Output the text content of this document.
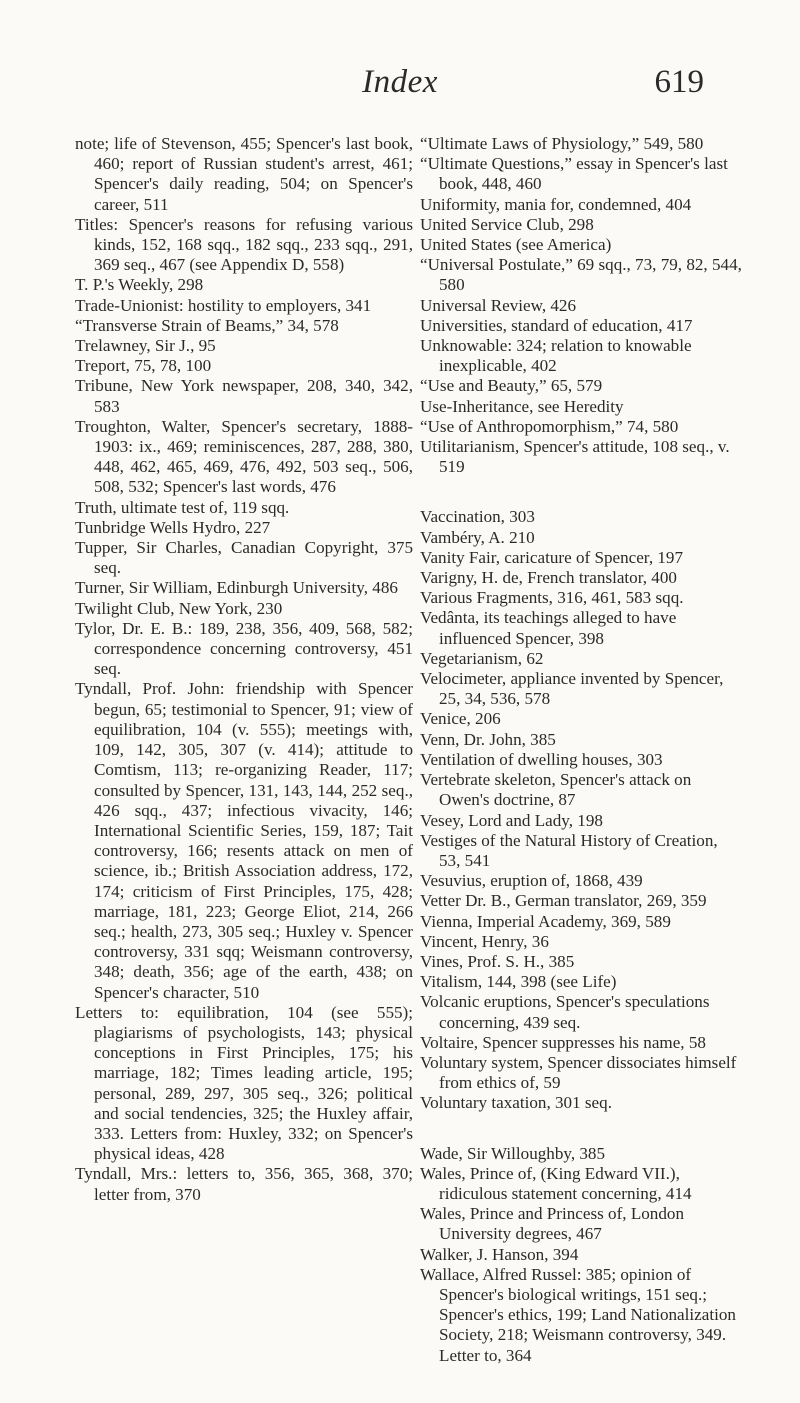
Index	619
note; life of Stevenson, 455; Spencer's last book, 460; report of Russian student's arrest, 461; Spencer's daily reading, 504; on Spencer's career, 511
Titles: Spencer's reasons for refusing various kinds, 152, 168 sqq., 182 sqq., 233 sqq., 291, 369 seq., 467 (see Appendix D, 558)
T. P.'s Weekly, 298
Trade-Unionist: hostility to employers, 341
“Transverse Strain of Beams,” 34, 578
Trelawney, Sir J., 95
Treport, 75, 78, 100
Tribune, New York newspaper, 208, 340, 342, 583
Troughton, Walter, Spencer's secretary, 1888-1903: ix., 469; reminiscences, 287, 288, 380, 448, 462, 465, 469, 476, 492, 503 seq., 506, 508, 532; Spencer's last words, 476
Truth, ultimate test of, 119 sqq.
Tunbridge Wells Hydro, 227
Tupper, Sir Charles, Canadian Copyright, 375 seq.
Turner, Sir William, Edinburgh University, 486
Twilight Club, New York, 230
Tylor, Dr. E. B.: 189, 238, 356, 409, 568, 582; correspondence concerning controversy, 451 seq.
Tyndall, Prof. John: friendship with Spencer begun, 65; testimonial to Spencer, 91; view of equilibration, 104 (v. 555); meetings with, 109, 142, 305, 307 (v. 414); attitude to Comtism, 113; re-organizing Reader, 117; consulted by Spencer, 131, 143, 144, 252 seq., 426 sqq., 437; infectious vivacity, 146; International Scientific Series, 159, 187; Tait controversy, 166; resents attack on men of science, ib.; British Association address, 172, 174; criticism of First Principles, 175, 428; marriage, 181, 223; George Eliot, 214, 266 seq.; health, 273, 305 seq.; Huxley v. Spencer controversy, 331 sqq; Weismann controversy, 348; death, 356; age of the earth, 438; on Spencer's character, 510
Letters to: equilibration, 104 (see 555); plagiarisms of psychologists, 143; physical conceptions in First Principles, 175; his marriage, 182; Times leading article, 195; personal, 289, 297, 305 seq., 326; political and social tendencies, 325; the Huxley affair, 333. Letters from: Huxley, 332; on Spencer's physical ideas, 428
Tyndall, Mrs.: letters to, 356, 365, 368, 370; letter from, 370
“Ultimate Laws of Physiology,” 549, 580
“Ultimate Questions,” essay in Spencer's last book, 448, 460
Uniformity, mania for, condemned, 404
United Service Club, 298
United States (see America)
“Universal Postulate,” 69 sqq., 73, 79, 82, 544, 580
Universal Review, 426
Universities, standard of education, 417
Unknowable: 324; relation to knowable inexplicable, 402
“Use and Beauty,” 65, 579
Use-Inheritance, see Heredity
“Use of Anthropomorphism,” 74, 580
Utilitarianism, Spencer's attitude, 108 seq., v. 519
Vaccination, 303
Vambéry, A. 210
Vanity Fair, caricature of Spencer, 197
Varigny, H. de, French translator, 400
Various Fragments, 316, 461, 583 sqq.
Vedânta, its teachings alleged to have influenced Spencer, 398
Vegetarianism, 62
Velocimeter, appliance invented by Spencer, 25, 34, 536, 578
Venice, 206
Venn, Dr. John, 385
Ventilation of dwelling houses, 303
Vertebrate skeleton, Spencer's attack on Owen's doctrine, 87
Vesey, Lord and Lady, 198
Vestiges of the Natural History of Creation, 53, 541
Vesuvius, eruption of, 1868, 439
Vetter Dr. B., German translator, 269, 359
Vienna, Imperial Academy, 369, 589
Vincent, Henry, 36
Vines, Prof. S. H., 385
Vitalism, 144, 398 (see Life)
Volcanic eruptions, Spencer's speculations concerning, 439 seq.
Voltaire, Spencer suppresses his name, 58
Voluntary system, Spencer dissociates himself from ethics of, 59
Voluntary taxation, 301 seq.
Wade, Sir Willoughby, 385
Wales, Prince of, (King Edward VII.), ridiculous statement concerning, 414
Wales, Prince and Princess of, London University degrees, 467
Walker, J. Hanson, 394
Wallace, Alfred Russel: 385; opinion of Spencer's biological writings, 151 seq.; Spencer's ethics, 199; Land Nationalization Society, 218; Weismann controversy, 349. Letter to, 364
